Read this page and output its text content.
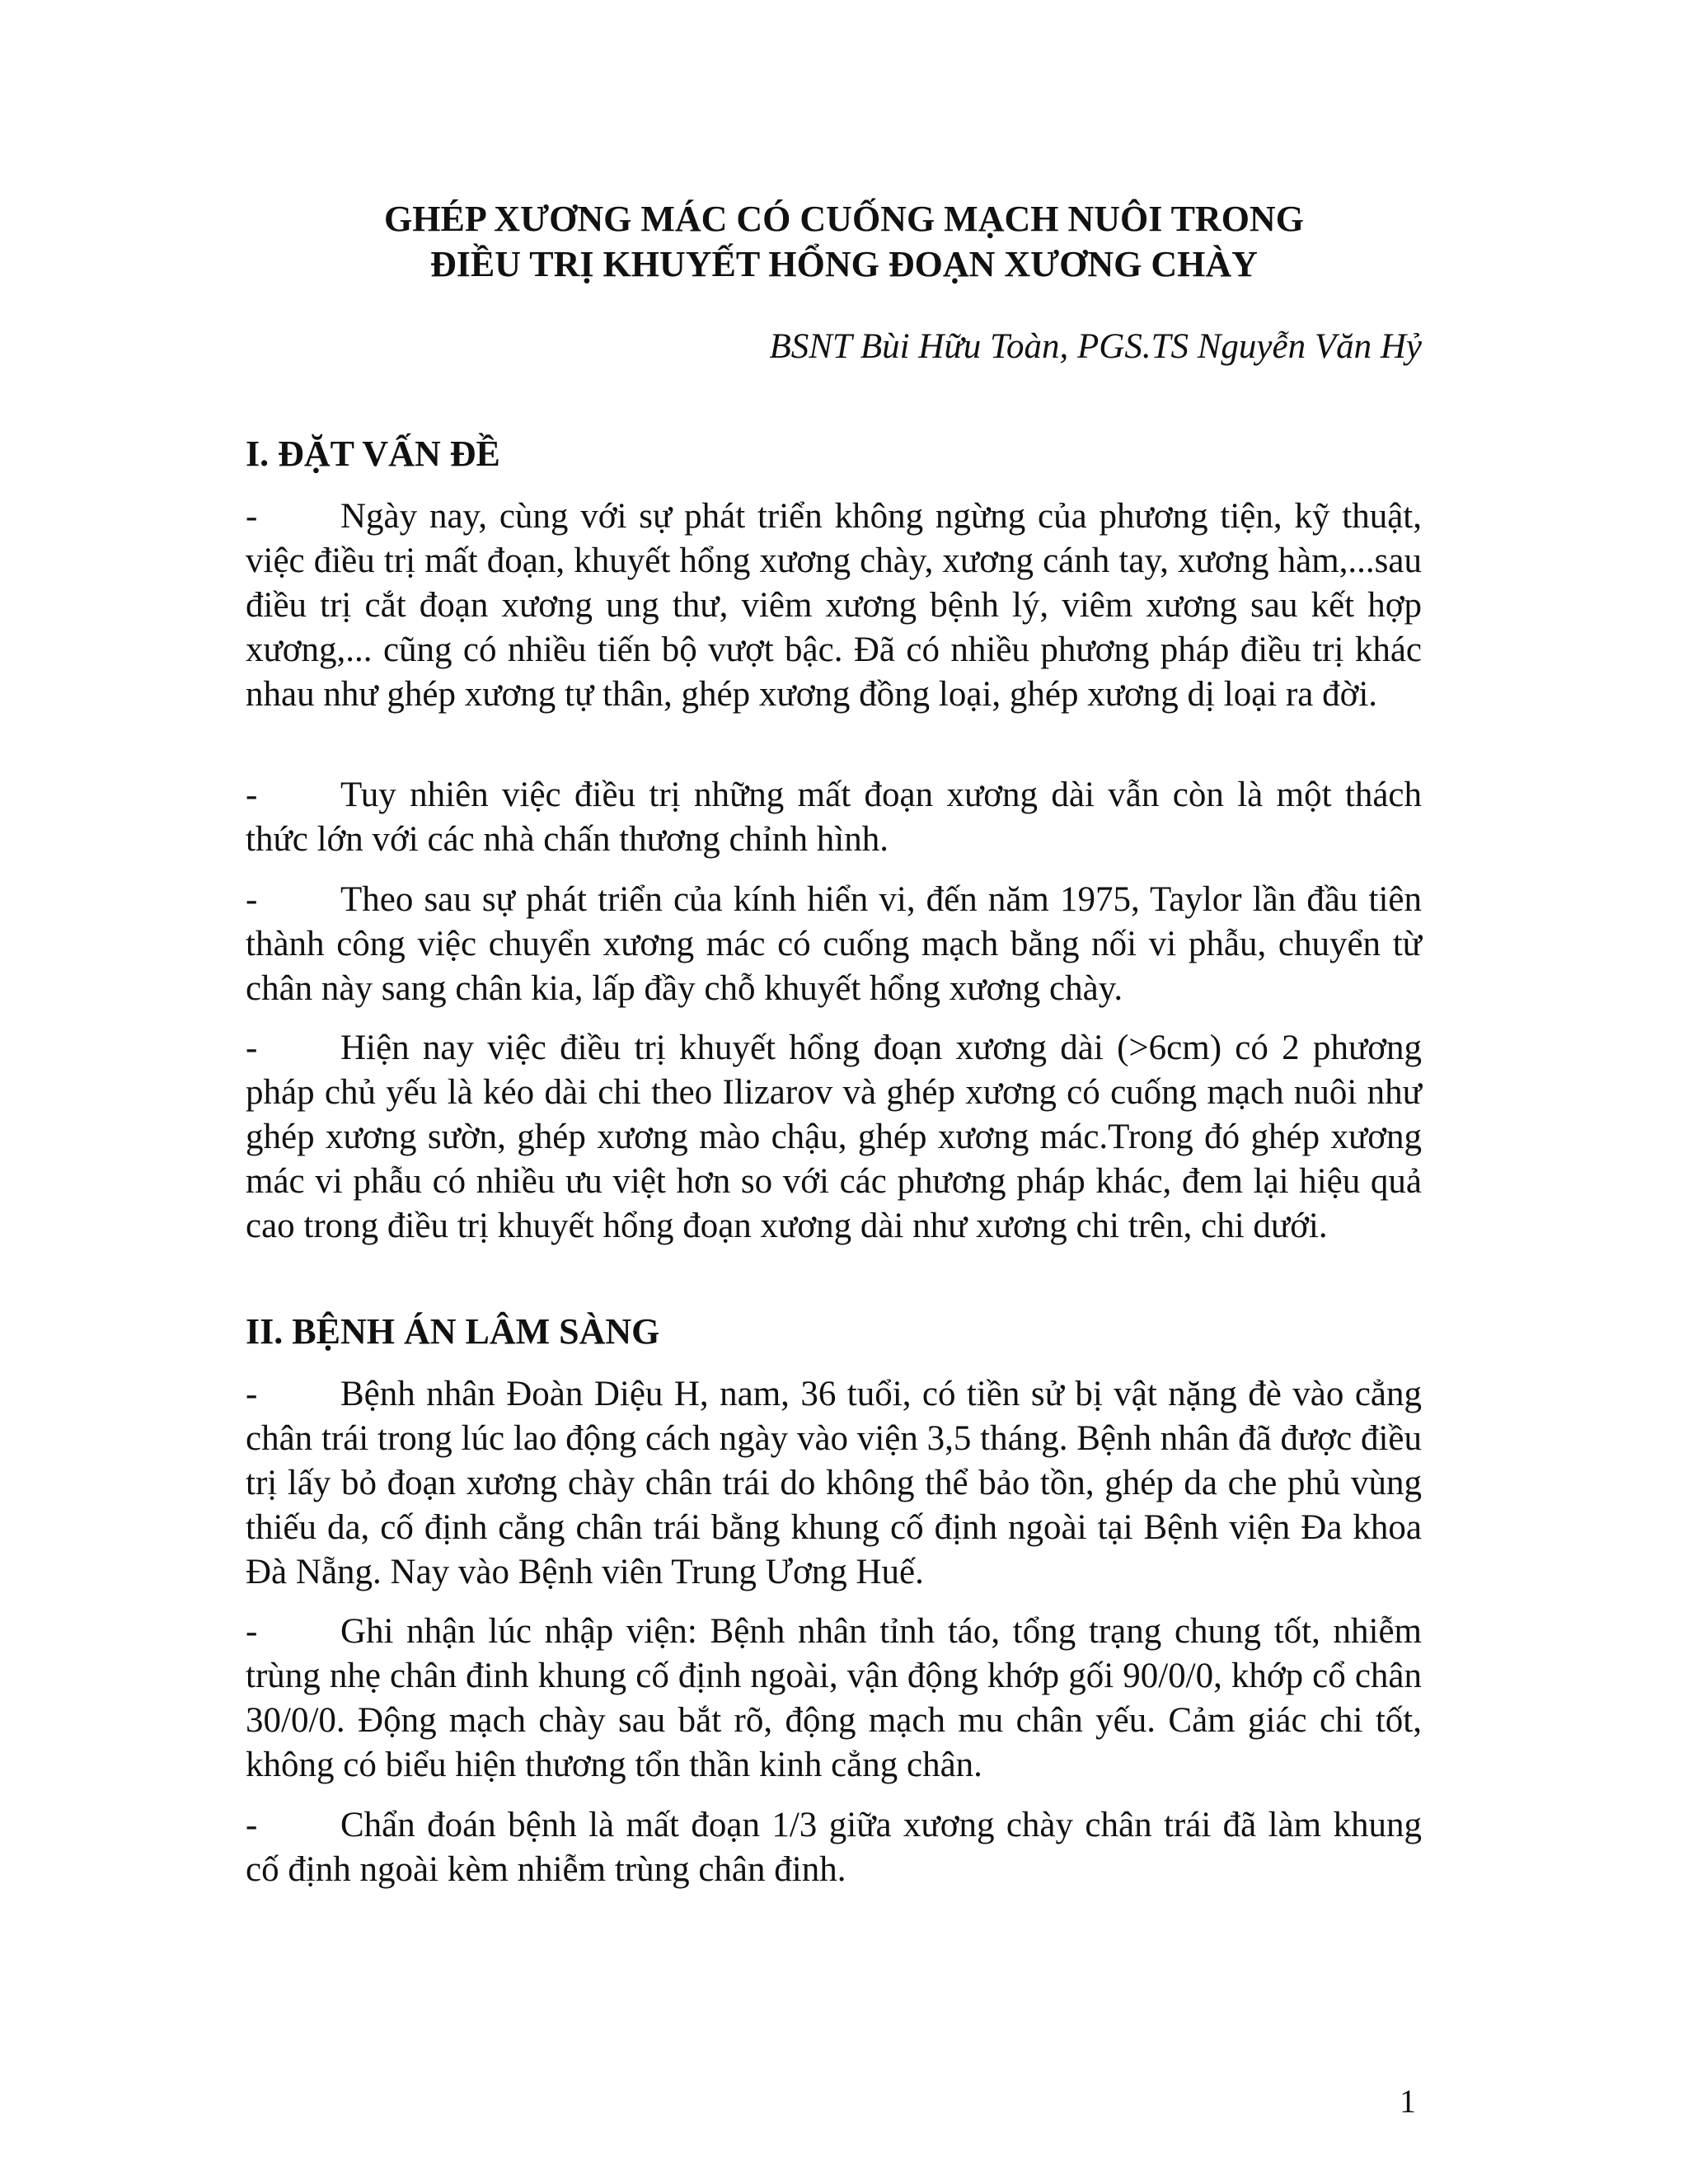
GHÉP XƯƠNG MÁC CÓ CUỐNG MẠCH NUÔI TRONG
ĐIỀU TRỊ KHUYẾT HỔNG ĐOẠN XƯƠNG CHÀY

BSNT Bùi Hữu Toàn, PGS.TS Nguyễn Văn Hỷ

I. ĐẶT VẤN ĐỀ

- Ngày nay, cùng với sự phát triển không ngừng của phương tiện, kỹ thuật, việc điều trị mất đoạn, khuyết hổng xương chày, xương cánh tay, xương hàm,...sau điều trị cắt đoạn xương ung thư, viêm xương bệnh lý, viêm xương sau kết hợp xương,... cũng có nhiều tiến bộ vượt bậc. Đã có nhiều phương pháp điều trị khác nhau như ghép xương tự thân, ghép xương đồng loại, ghép xương dị loại ra đời.

- Tuy nhiên việc điều trị những mất đoạn xương dài vẫn còn là một thách thức lớn với các nhà chấn thương chỉnh hình.

- Theo sau sự phát triển của kính hiển vi, đến năm 1975, Taylor lần đầu tiên thành công việc chuyển xương mác có cuống mạch bằng nối vi phẫu, chuyển từ chân này sang chân kia, lấp đầy chỗ khuyết hổng xương chày.

- Hiện nay việc điều trị khuyết hổng đoạn xương dài (>6cm) có 2 phương pháp chủ yếu là kéo dài chi theo Ilizarov và ghép xương có cuống mạch nuôi như ghép xương sườn, ghép xương mào chậu, ghép xương mác.Trong đó ghép xương mác vi phẫu có nhiều ưu việt hơn so với các phương pháp khác, đem lại hiệu quả cao trong điều trị khuyết hổng đoạn xương dài như xương chi trên, chi dưới.

II. BỆNH ÁN LÂM SÀNG

- Bệnh nhân Đoàn Diệu H, nam, 36 tuổi, có tiền sử bị vật nặng đè vào cẳng chân trái trong lúc lao động cách ngày vào viện 3,5 tháng. Bệnh nhân đã được điều trị lấy bỏ đoạn xương chày chân trái do không thể bảo tồn, ghép da che phủ vùng thiếu da, cố định cẳng chân trái bằng khung cố định ngoài tại Bệnh viện Đa khoa Đà Nẵng. Nay vào Bệnh viên Trung Ương Huế.

- Ghi nhận lúc nhập viện: Bệnh nhân tỉnh táo, tổng trạng chung tốt, nhiễm trùng nhẹ chân đinh khung cố định ngoài, vận động khớp gối 90/0/0, khớp cổ chân 30/0/0. Động mạch chày sau bắt rõ, động mạch mu chân yếu. Cảm giác chi tốt, không có biểu hiện thương tổn thần kinh cẳng chân.

- Chẩn đoán bệnh là mất đoạn 1/3 giữa xương chày chân trái đã làm khung cố định ngoài kèm nhiễm trùng chân đinh.

1
